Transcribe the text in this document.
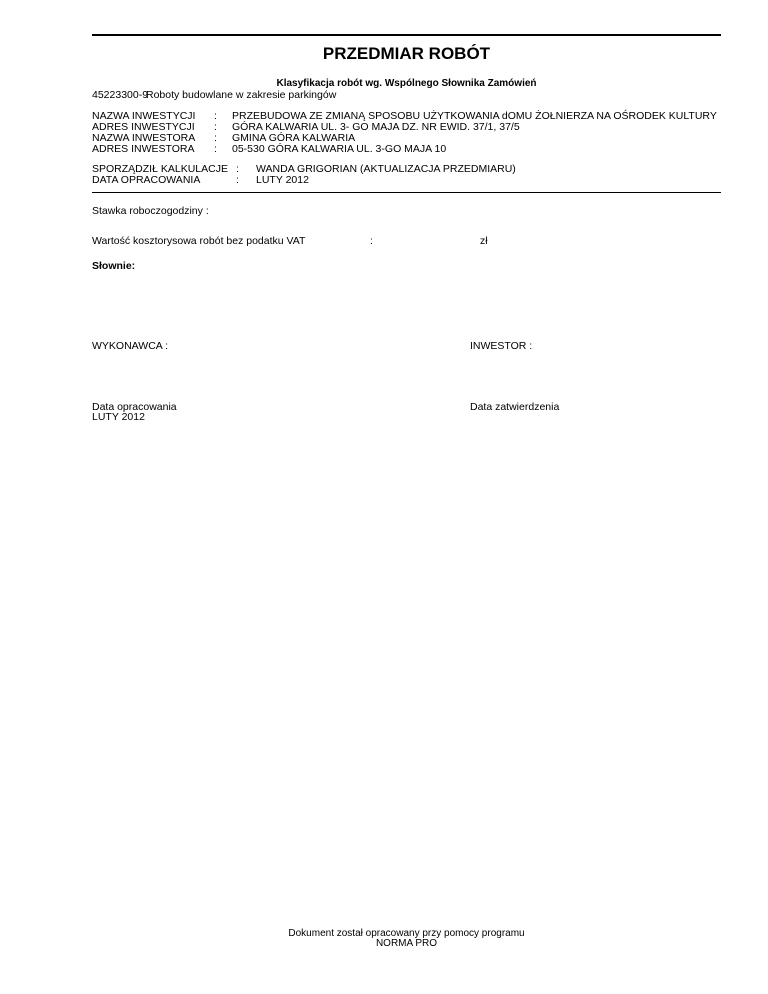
PRZEDMIAR ROBÓT
Klasyfikacja robót wg. Wspólnego Słownika Zamówień
45223300-9
Roboty budowlane w zakresie parkingów
NAZWA INWESTYCJI : PRZEBUDOWA ZE ZMIANĄ SPOSOBU UŻYTKOWANIA dOMU ŻOŁNIERZA NA OŚRODEK KULTURY
ADRES INWESTYCJI : GÓRA KALWARIA UL. 3- GO MAJA DZ. NR EWID. 37/1, 37/5
NAZWA INWESTORA : GMINA GÓRA KALWARIA
ADRES INWESTORA : 05-530 GÓRA KALWARIA UL. 3-GO MAJA 10
SPORZĄDZIŁ KALKULACJE : WANDA GRIGORIAN (AKTUALIZACJA PRZEDMIARU)
DATA OPRACOWANIA	: LUTY 2012
Stawka roboczogodziny :
Wartość kosztorysowa robót bez podatku VAT	:	zł
Słownie:
WYKONAWCA :	INWESTOR :
Data opracowania
LUTY 2012
Data zatwierdzenia
Dokument został opracowany przy pomocy programu
NORMA PRO
